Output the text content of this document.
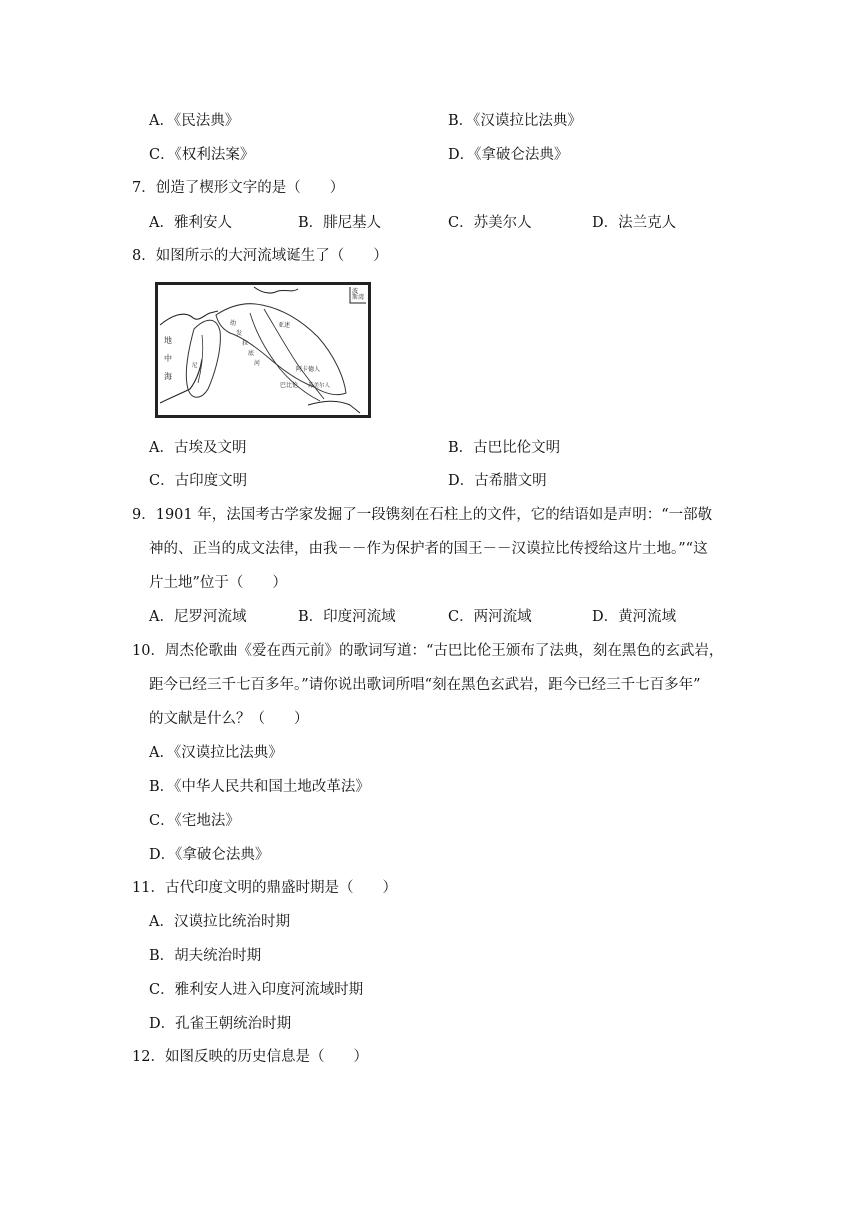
A．《民法典》	B．《汉谟拉比法典》
C．《权利法案》	D．《拿破仑法典》
7．创造了楔形文字的是（　　）
A．雅利安人	B．腓尼基人	C．苏美尔人	D．法兰克人
8．如图所示的大河流域诞生了（　　）
地
中
海
幼
发
拉
底
河
波
斯 湾
巴比伦
阿卡德人
苏美尔人
亚述
尼
A．古埃及文明	B．古巴比伦文明
C．古印度文明	D．古希腊文明
9．1901 年，法国考古学家发掘了一段镌刻在石柱上的文件，它的结语如是声明：“一部敬
神的、正当的成文法律，由我－－作为保护者的国王－－汉谟拉比传授给这片土地。”“这
片土地”位于（　　）
A．尼罗河流域	B．印度河流域	C．两河流域	D．黄河流域
10．周杰伦歌曲《爱在西元前》的歌词写道：“古巴比伦王颁布了法典，刻在黑色的玄武岩，
距今已经三千七百多年。”请你说出歌词所唱“刻在黑色玄武岩，距今已经三千七百多年”
的文献是什么？（　　）
A．《汉谟拉比法典》
B．《中华人民共和国土地改革法》
C．《宅地法》
D．《拿破仑法典》
11．古代印度文明的鼎盛时期是（　　）
A．汉谟拉比统治时期
B．胡夫统治时期
C．雅利安人进入印度河流域时期
D．孔雀王朝统治时期
12．如图反映的历史信息是（　　）
